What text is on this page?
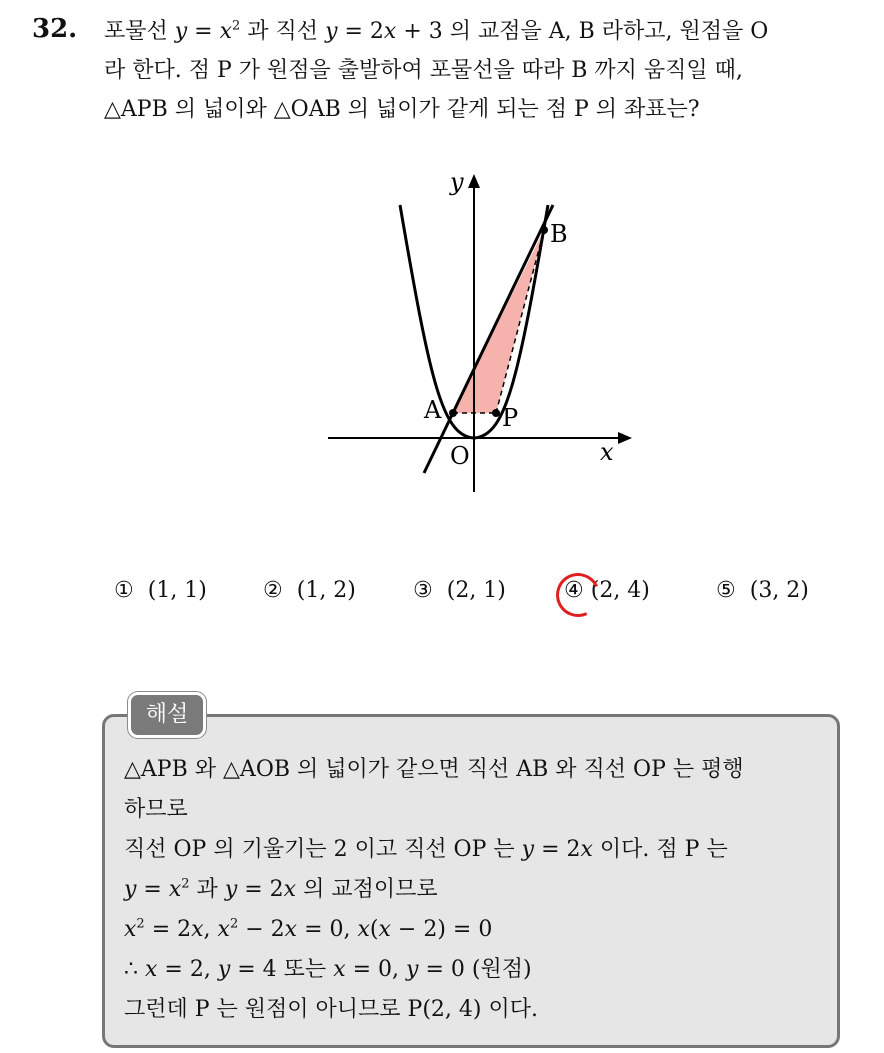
32. 포물선 $y = x^2$ 과 직선 y = 2x + 3 의 교점을 A, B 라하고, 원점을 O

라 한다. 점 P 가 원점을 출발하여 포물선을 따라 B 까지 움직일 때,

△APB 의 넓이와 △OAB 의 넓이가 같게 되는 점 P 의 좌표는?

y
x
O
A
B
P
① (1, 1)	② (1, 2)	③ (2, 1)	④ (2, 4)	⑤ (3, 2)
해설

△APB 와 △AOB 의 넓이가 같으면 직선 AB 와 직선 OP 는 평행

하므로

직선 OP 의 기울기는 2 이고 직선 OP 는 y = 2x 이다. 점 P 는

$y = x^2$ 과 y = 2x 의 교점이므로

$x^2 = 2x$, $x^2 - 2x = 0$, x(x − 2) = 0

∴ x = 2, y = 4 또는 x = 0, y = 0 (원점)

그런데 P 는 원점이 아니므로 P(2, 4) 이다.
